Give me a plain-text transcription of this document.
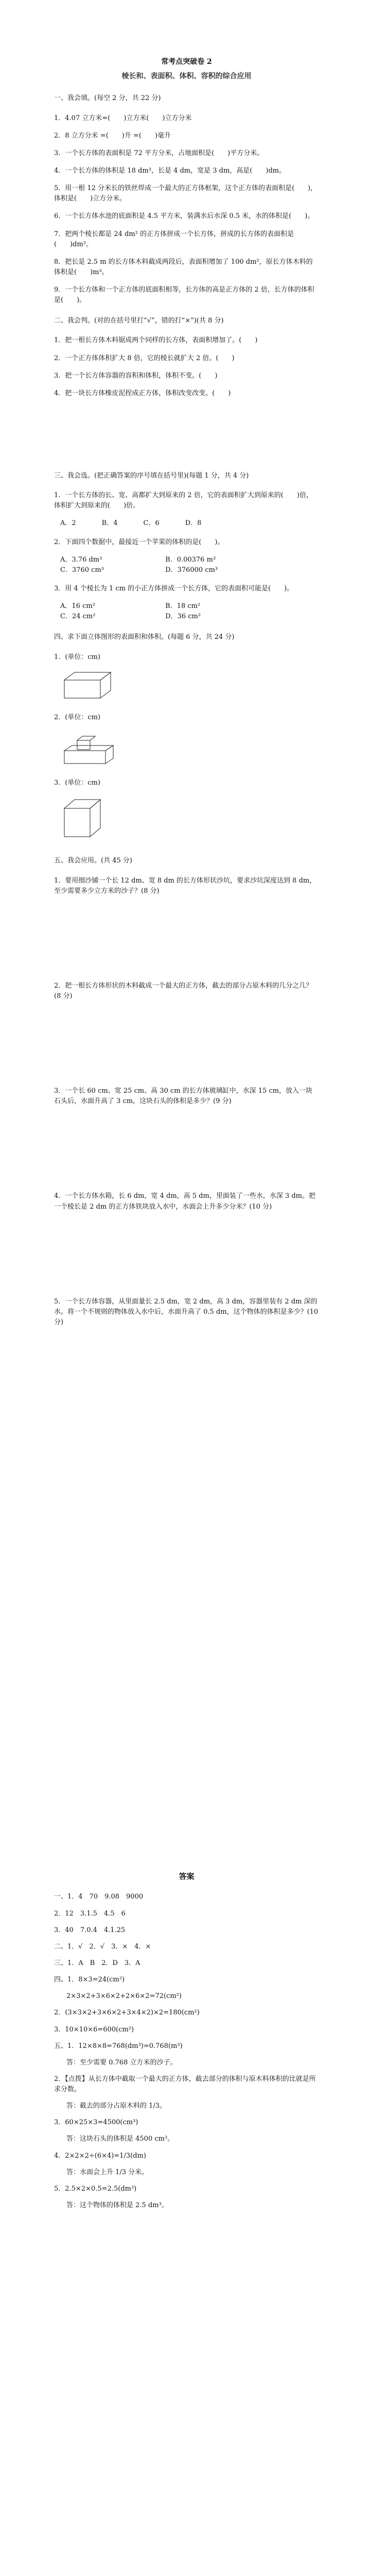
常考点突破卷 2
棱长和、表面积、体积、容积的综合应用
一、我会填。(每空 2 分，共 22 分)

1．4.07 立方米=(　　)立方米(　　)立方分米

2．8 立方分米 =(　　)升 =(　　)毫升

3．一个长方体的表面积是 72 平方分米，占地面积是(　　)平方分米。

4．一个长方体的体积是 18 dm³，长是 4 dm，宽是 3 dm，高是(　　)dm。

5．用一根 12 分米长的铁丝焊成一个最大的正方体框架，这个正方体的表面积是(　　)，体积是(　　)立方分米。

6．一个长方体水池的底面积是 4.5 平方米，装满水后水深 0.5 米，水的体积是(　　)。

7．把两个棱长都是 24 dm² 的正方体拼成一个长方体，拼成的长方体的表面积是(　　)dm²。

8．把长是 2.5 m 的长方体木料截成两段后，表面积增加了 100 dm²，原长方体木料的体积是(　　)m³。

9．一个长方体和一个正方体的底面积相等，长方体的高是正方体的 2 倍，长方体的体积是(　　)。

二、我会判。(对的在括号里打“√”，错的打“×”)(共 8 分)

1．把一根长方体木料锯成两个同样的长方体，表面积增加了。(　　)

2．一个正方体体积扩大 8 倍，它的棱长就扩大 2 倍。(　　)

3．把一个长方体容器的容积和体积，体积不变。(　　)

4．把一块长方体橡皮泥捏成正方体，体积改变改变。(　　)

三、我会选。(把正确答案的序号填在括号里)(每题 1 分，共 4 分)

1．一个长方体的长、宽、高都扩大到原来的 2 倍，它的表面积扩大到原来的(　　)倍，体积扩大到原来的(　　)倍。

A．2	B．4	C．6	D．8

2．下面四个数据中，最接近一个苹果的体积的是(　　)。

A．3.76 dm³	B．0.00376 m³
C．3760 cm³	D．376000 cm³

3．用 4 个棱长为 1 cm 的小正方体拼成一个长方体，它的表面积可能是(　　)。

A．16 cm²	B．18 cm²
C．24 cm²	D．36 cm²
四、求下面立体图形的表面积和体积。(每题 6 分，共 24 分)

1．(单位：cm)

2．(单位：cm)

3．(单位：cm)

五、我会应用。(共 45 分)

1．要用细沙铺一个长 12 dm、宽 8 dm 的长方体形状沙坑，要求沙坑深度达到 8 dm，至少需要多少立方米的沙子？(8 分)

2．把一根长方体形状的木料截成一个最大的正方体，截去的部分占原木料的几分之几？(8 分)

3．一个长 60 cm、宽 25 cm、高 30 cm 的长方体玻璃缸中，水深 15 cm，放入一块石头后，水面升高了 3 cm，这块石头的体积是多少？(9 分)

4．一个长方体水箱，长 6 dm，宽 4 dm，高 5 dm，里面装了一些水，水深 3 dm。把一个棱长是 2 dm 的正方体铁块放入水中，水面会上升多少分米？(10 分)

5．一个长方体容器，从里面量长 2.5 dm，宽 2 dm，高 3 dm，容器里装有 2 dm 深的水。将一个不规则的物体放入水中后，水面升高了 0.5 dm，这个物体的体积是多少？(10 分)

答案

一、1．4　70　9.08　9000

2．12　3.1.5　4.5　6

3．40　7.0.4　4.1.25

二、1．√　2．√　3．×　4．×

三、1．A　B　2．D　3．A

四、1．8×3=24(cm²)

2×3×2+3×6×2+2×6×2=72(cm²)

2．(3×3×2+3×6×2+3×4×2)×2=180(cm²)

3．10×10×6=600(cm²)

五、1．12×8×8=768(dm³)=0.768(m³)

答：至少需要 0.768 立方米的沙子。

2．【点拨】从长方体中截取一个最大的正方体，截去部分的体积与原木料体积的比就是所求分数。

答：截去的部分占原木料的 1/3。

3．60×25×3=4500(cm³)

答：这块石头的体积是 4500 cm³。

4．2×2×2÷(6×4)=1/3(dm)

答：水面会上升 1/3 分米。

5．2.5×2×0.5=2.5(dm³)

答：这个物体的体积是 2.5 dm³。
